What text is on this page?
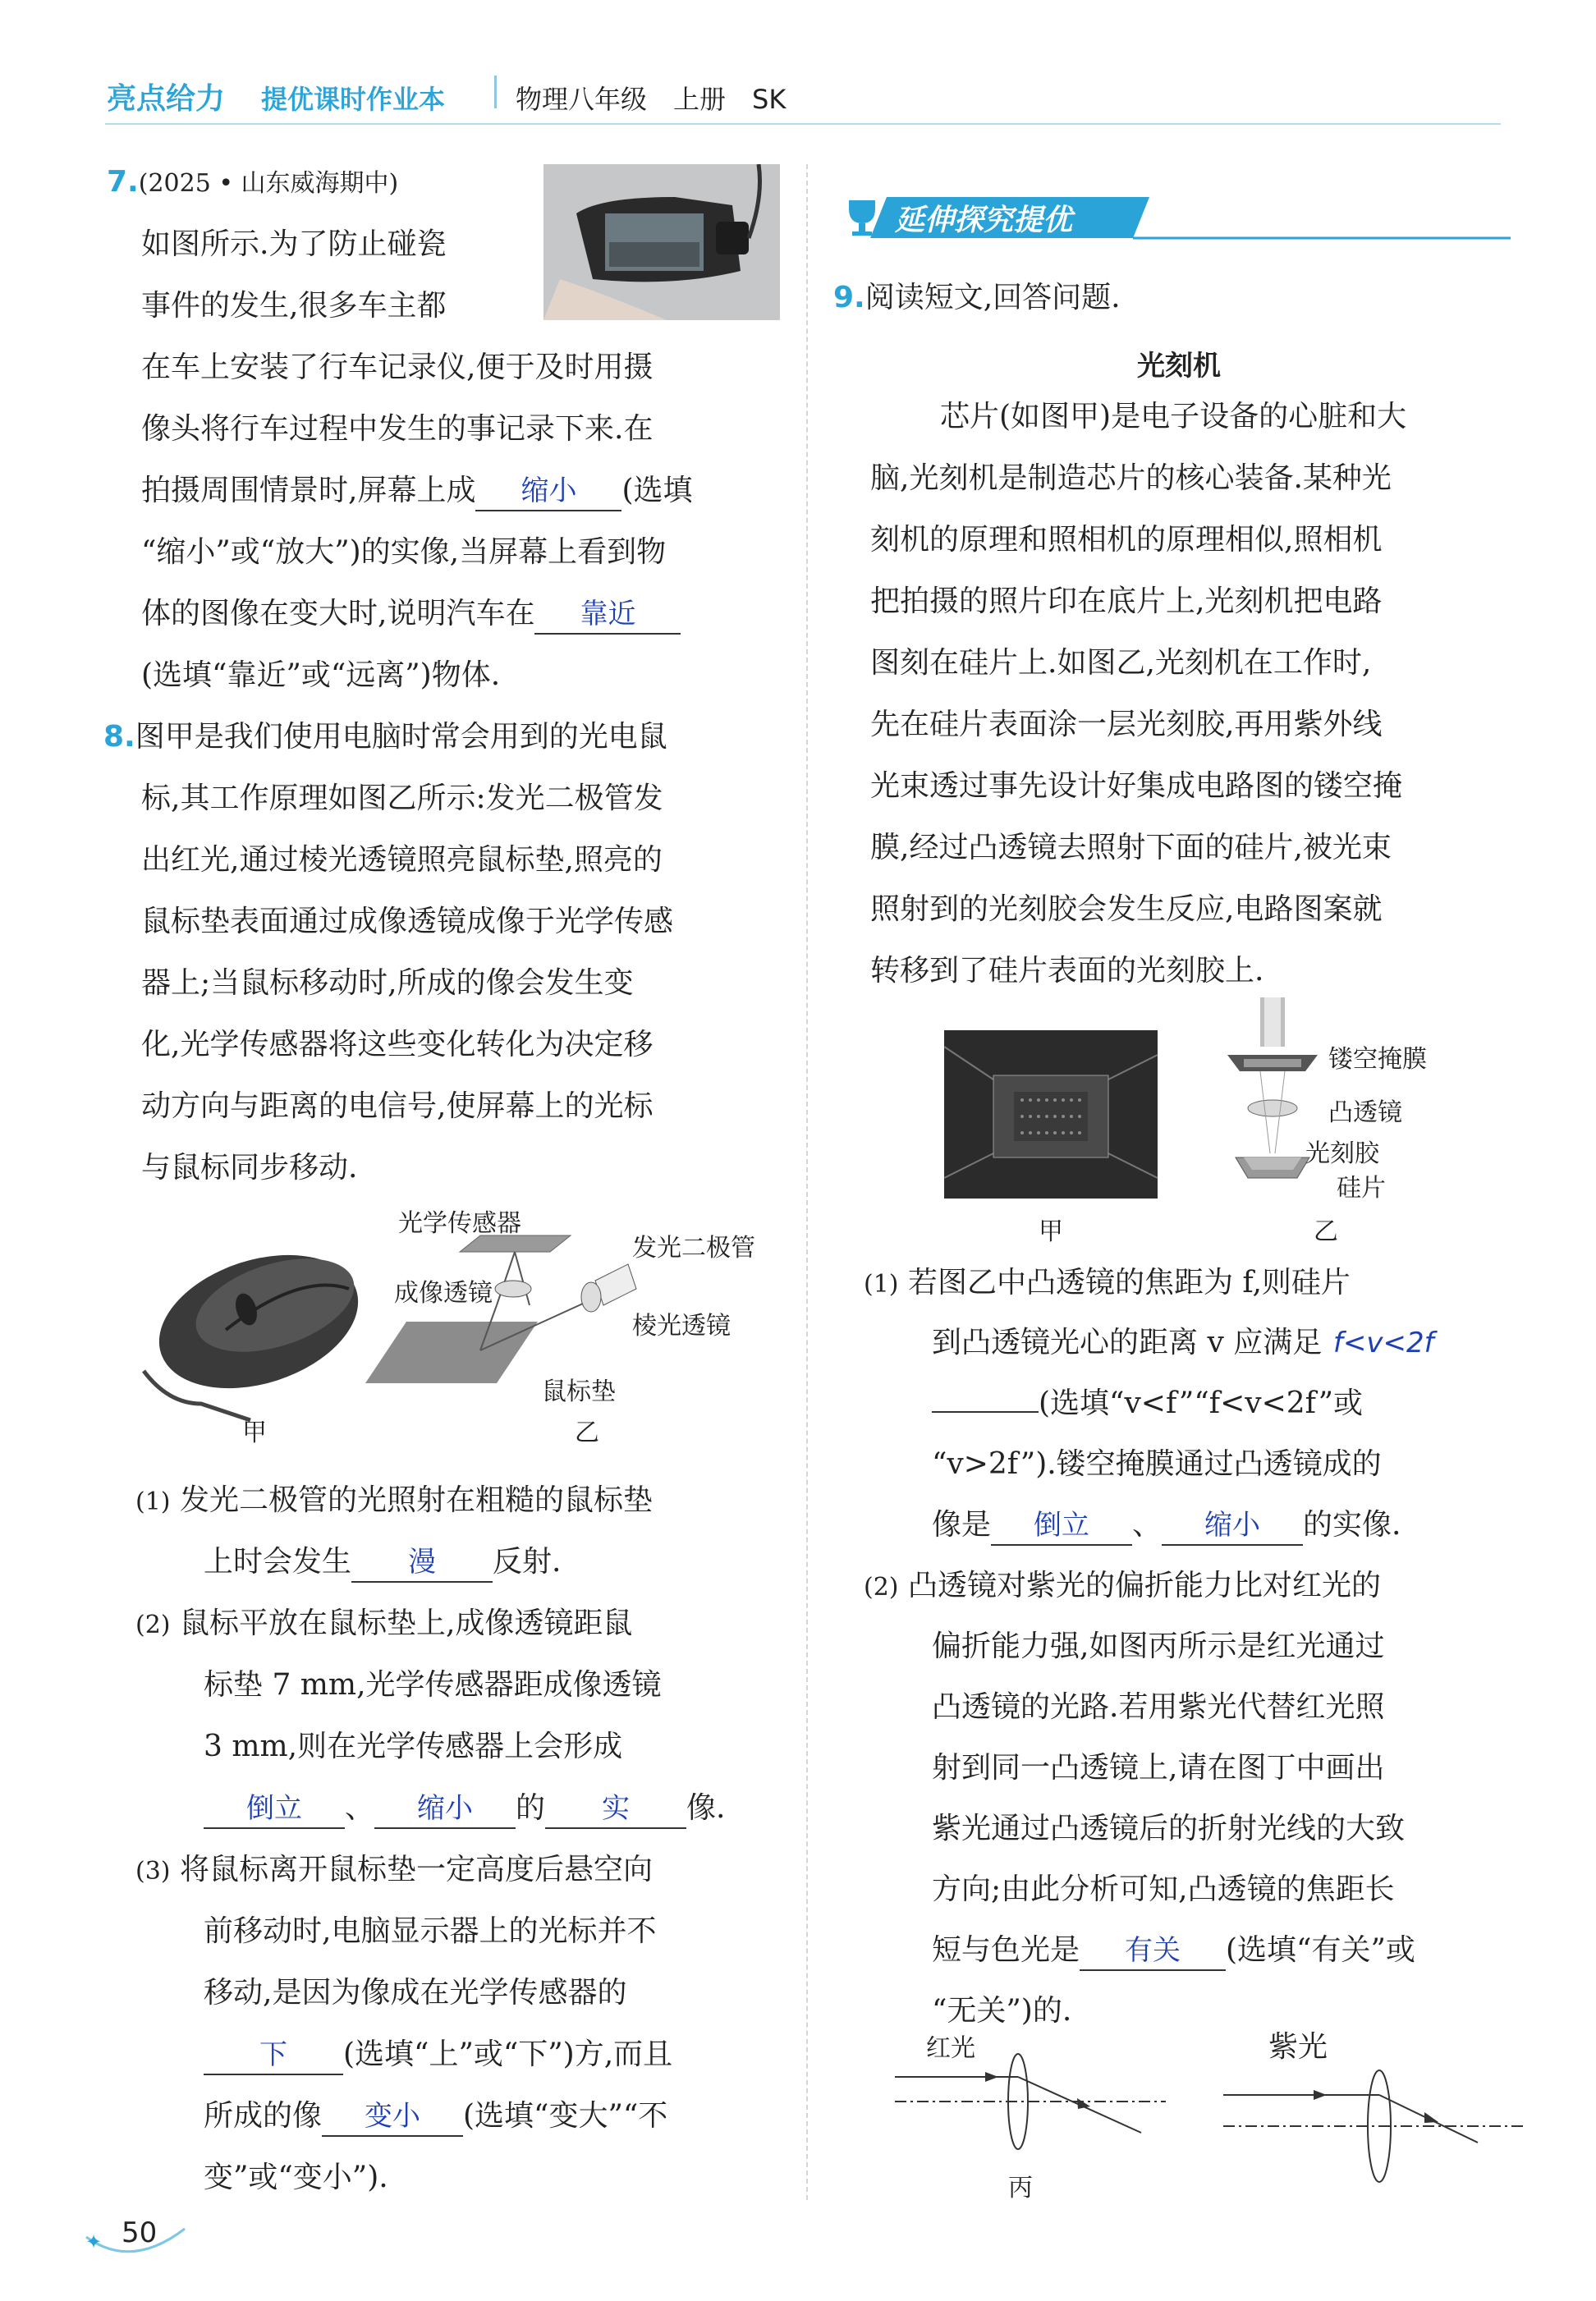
亮点给力 提优课时作业本	物理八年级　上册　SK
7.(2025 • 山东威海期中)
如图所示.为了防止碰瓷
事件的发生,很多车主都
在车上安装了行车记录仪,便于及时用摄
像头将行车过程中发生的事记录下来.在
拍摄周围情景时,屏幕上成 缩小 (选填
“缩小”或“放大”)的实像,当屏幕上看到物
体的图像在变大时,说明汽车在 靠近
(选填“靠近”或“远离”)物体.
8.图甲是我们使用电脑时常会用到的光电鼠
标,其工作原理如图乙所示:发光二极管发
出红光,通过棱光透镜照亮鼠标垫,照亮的
鼠标垫表面通过成像透镜成像于光学传感
器上;当鼠标移动时,所成的像会发生变
化,光学传感器将这些变化转化为决定移
动方向与距离的电信号,使屏幕上的光标
与鼠标同步移动.
光学传感器
发光二极管
成像透镜
棱光透镜
鼠标垫
甲	乙
(1) 发光二极管的光照射在粗糙的鼠标垫
上时会发生 漫 反射.
(2) 鼠标平放在鼠标垫上,成像透镜距鼠
标垫 7 mm,光学传感器距成像透镜
3 mm,则在光学传感器上会形成
倒立 、 缩小 的 实 像.
(3) 将鼠标离开鼠标垫一定高度后悬空向
前移动时,电脑显示器上的光标并不
移动,是因为像成在光学传感器的
下 (选填“上”或“下”)方,而且
所成的像 变小 (选填“变大”“不
变”或“变小”).
延伸探究提优
9.阅读短文,回答问题.
光刻机
芯片(如图甲)是电子设备的心脏和大
脑,光刻机是制造芯片的核心装备.某种光
刻机的原理和照相机的原理相似,照相机
把拍摄的照片印在底片上,光刻机把电路
图刻在硅片上.如图乙,光刻机在工作时,
先在硅片表面涂一层光刻胶,再用紫外线
光束透过事先设计好集成电路图的镂空掩
膜,经过凸透镜去照射下面的硅片,被光束
照射到的光刻胶会发生反应,电路图案就
转移到了硅片表面的光刻胶上.
镂空掩膜
凸透镜
光刻胶
硅片
甲	乙
(1) 若图乙中凸透镜的焦距为 f,则硅片
到凸透镜光心的距离 v 应满足 f<v<2f
(选填“v<f”“f<v<2f”或
“v>2f”).镂空掩膜通过凸透镜成的
像是 倒立 、 缩小 的实像.
(2) 凸透镜对紫光的偏折能力比对红光的
偏折能力强,如图丙所示是红光通过
凸透镜的光路.若用紫光代替红光照
射到同一凸透镜上,请在图丁中画出
紫光通过凸透镜后的折射光线的大致
方向;由此分析可知,凸透镜的焦距长
短与色光是 有关 (选填“有关”或
“无关”)的.
红光	紫光
丙
✦ 50
